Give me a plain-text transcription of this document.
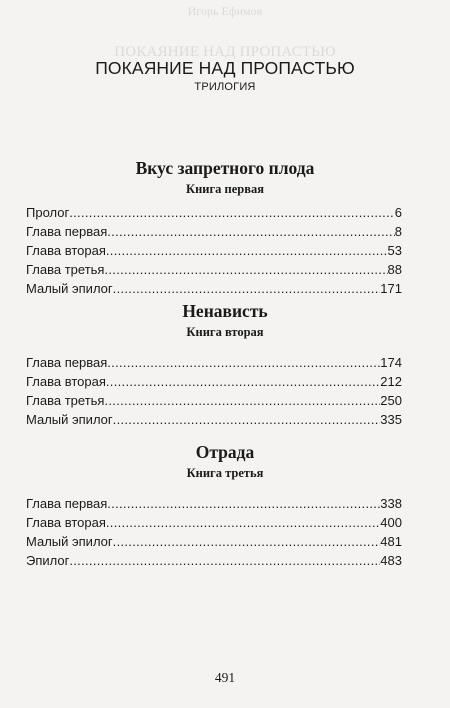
Игорь Ефимов
ПОКАЯНИЕ НАД ПРОПАСТЬЮ
ПОКАЯНИЕ НАД ПРОПАСТЬЮ
ТРИЛОГИЯ
Вкус запретного плода
Книга первая
Пролог .....	6
Глава первая .....	8
Глава вторая .....	53
Глава третья .....	88
Малый эпилог .....	171
Ненависть
Книга вторая
Глава первая .....	174
Глава вторая .....	212
Глава третья .....	250
Малый эпилог .....	335
Отрада
Книга третья
Глава первая .....	338
Глава вторая .....	400
Малый эпилог .....	481
Эпилог .....	483
491
